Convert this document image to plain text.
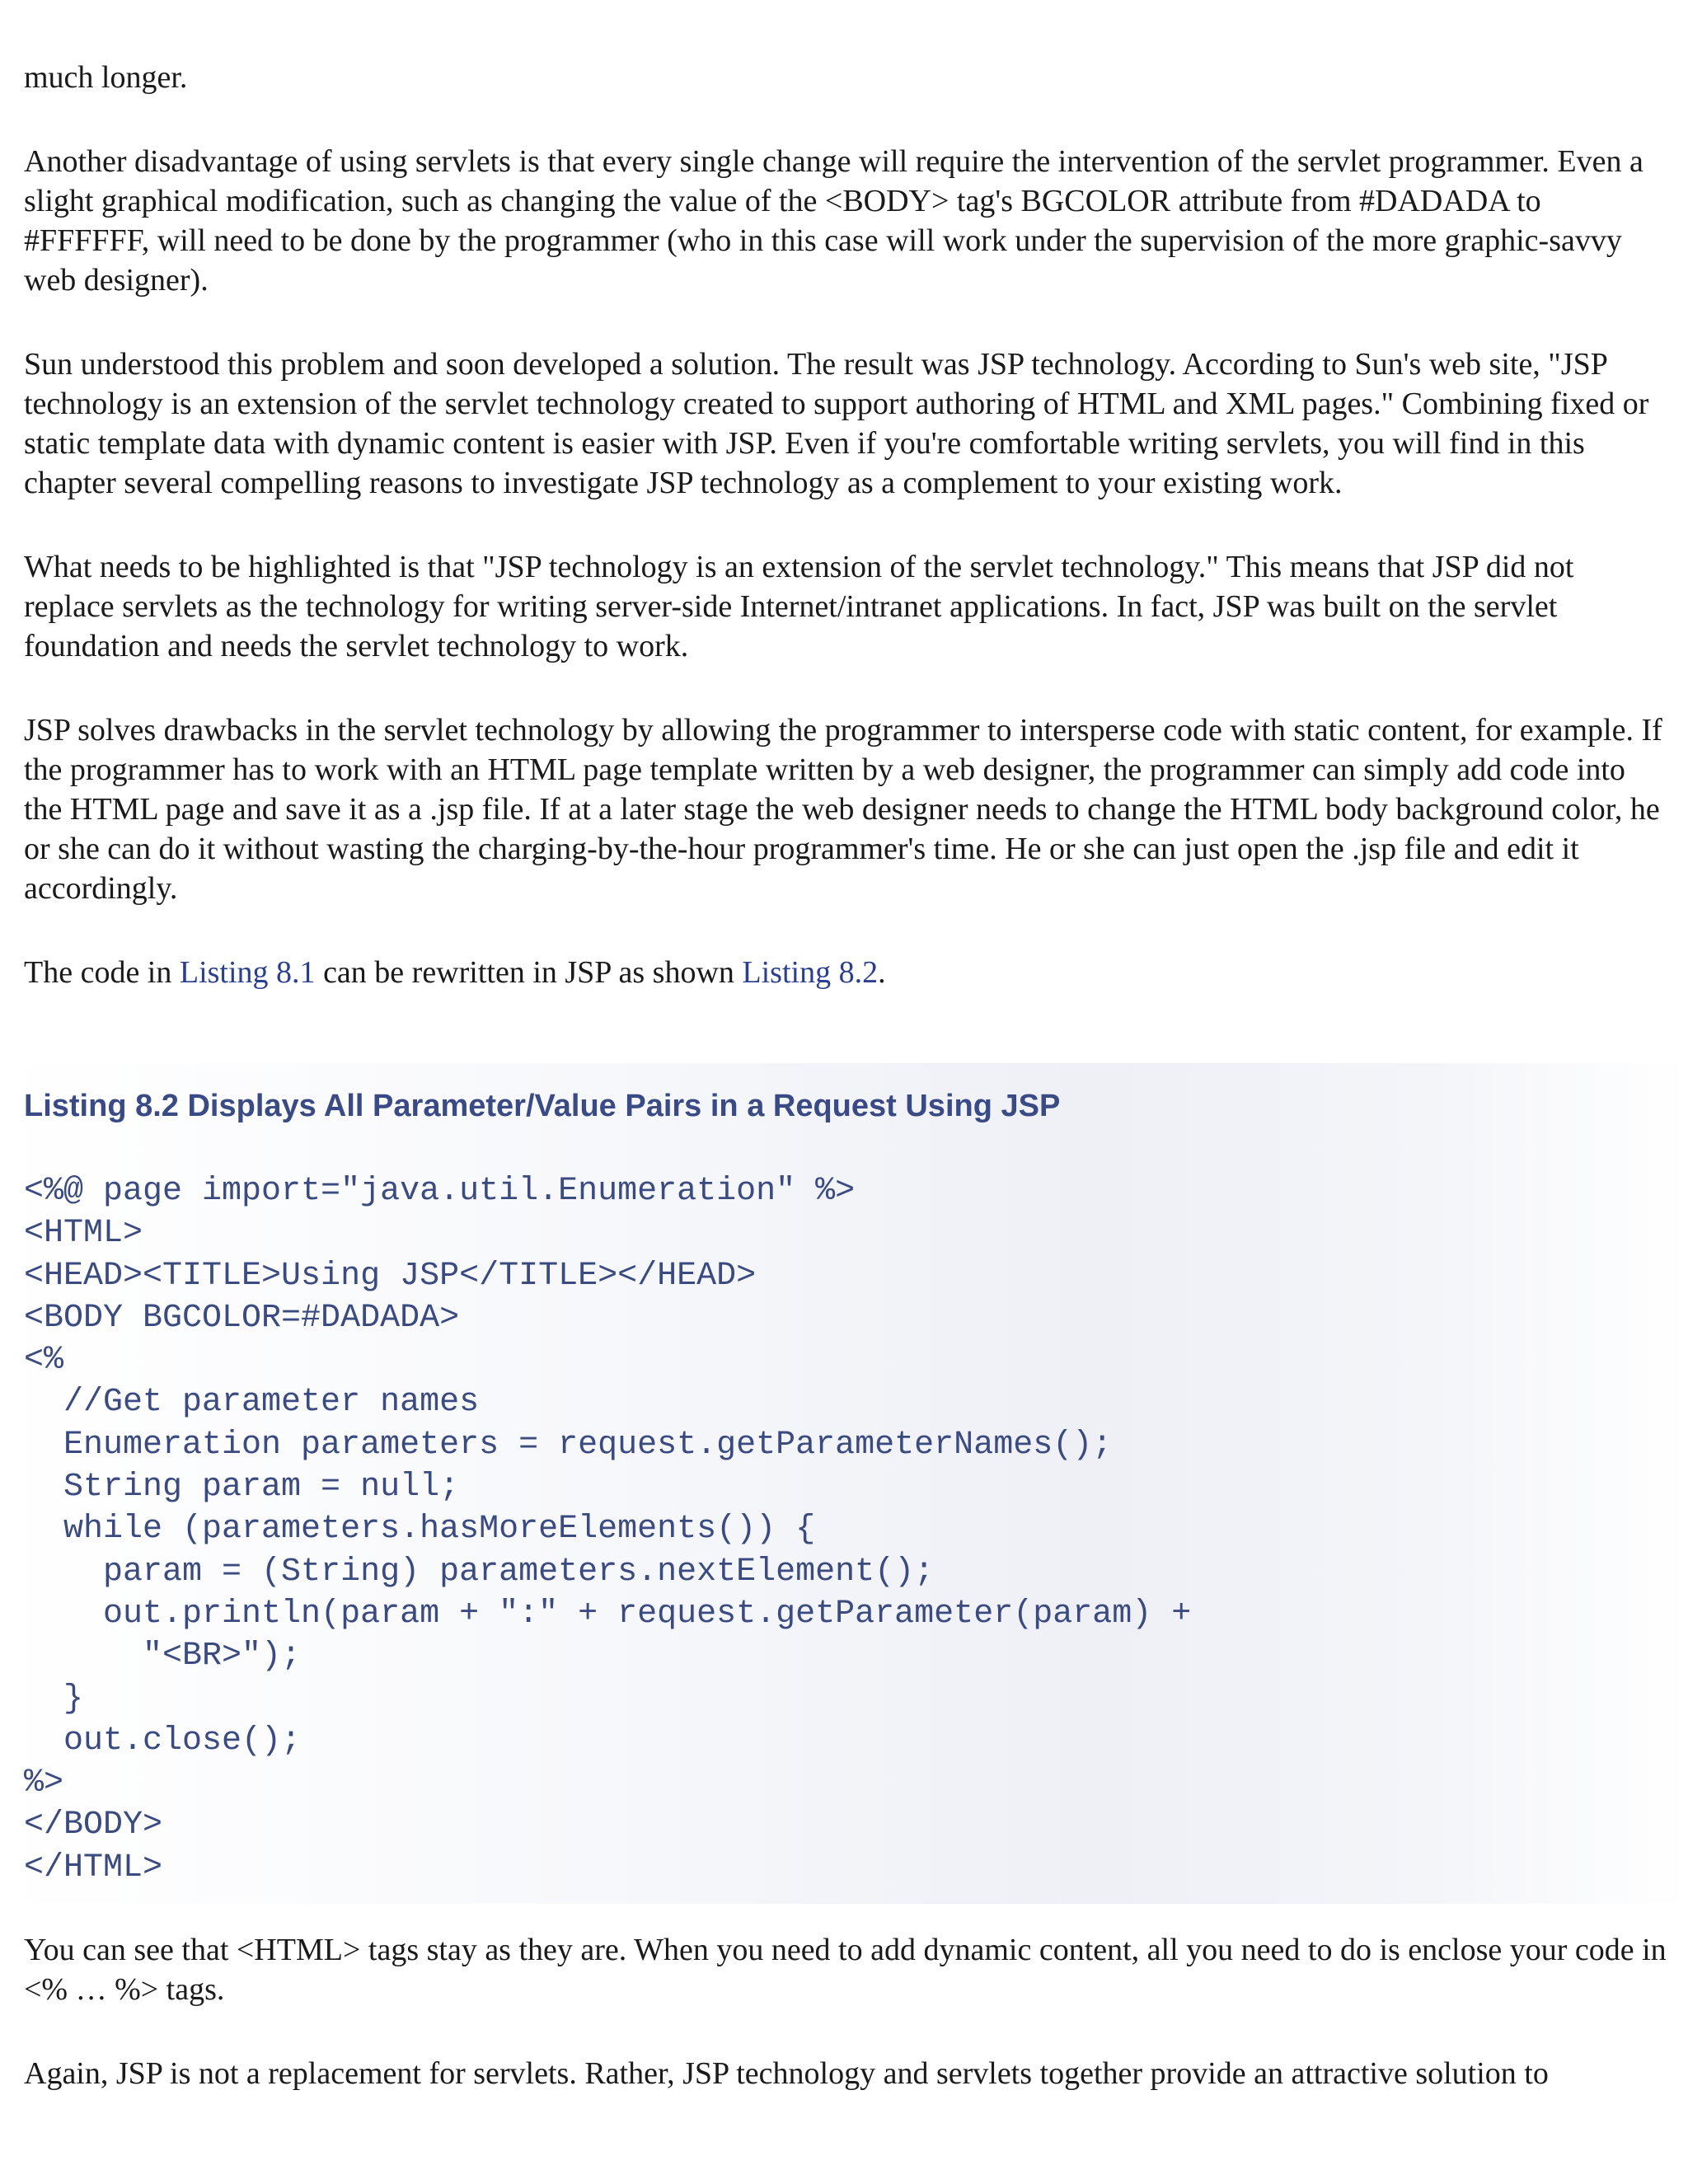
much longer.

Another disadvantage of using servlets is that every single change will require the intervention of the servlet programmer. Even a slight graphical modification, such as changing the value of the <BODY> tag's BGCOLOR attribute from #DADADA to #FFFFFF, will need to be done by the programmer (who in this case will work under the supervision of the more graphic-savvy web designer).

Sun understood this problem and soon developed a solution. The result was JSP technology. According to Sun's web site, "JSP technology is an extension of the servlet technology created to support authoring of HTML and XML pages." Combining fixed or static template data with dynamic content is easier with JSP. Even if you're comfortable writing servlets, you will find in this chapter several compelling reasons to investigate JSP technology as a complement to your existing work.

What needs to be highlighted is that "JSP technology is an extension of the servlet technology." This means that JSP did not replace servlets as the technology for writing server-side Internet/intranet applications. In fact, JSP was built on the servlet foundation and needs the servlet technology to work.

JSP solves drawbacks in the servlet technology by allowing the programmer to intersperse code with static content, for example. If the programmer has to work with an HTML page template written by a web designer, the programmer can simply add code into the HTML page and save it as a .jsp file. If at a later stage the web designer needs to change the HTML body background color, he or she can do it without wasting the charging-by-the-hour programmer's time. He or she can just open the .jsp file and edit it accordingly.

The code in Listing 8.1 can be rewritten in JSP as shown Listing 8.2.

Listing 8.2 Displays All Parameter/Value Pairs in a Request Using JSP
<%@ page import="java.util.Enumeration" %>
<HTML>
<HEAD><TITLE>Using JSP</TITLE></HEAD>
<BODY BGCOLOR=#DADADA>
<%
//Get parameter names
Enumeration parameters = request.getParameterNames();
String param = null;
while (parameters.hasMoreElements()) {
param = (String) parameters.nextElement();
out.println(param + ":" + request.getParameter(param) +
"<BR>");
}
out.close();
%>
</BODY>
</HTML>

You can see that <HTML> tags stay as they are. When you need to add dynamic content, all you need to do is enclose your code in <% … %> tags.

Again, JSP is not a replacement for servlets. Rather, JSP technology and servlets together provide an attractive solution to
